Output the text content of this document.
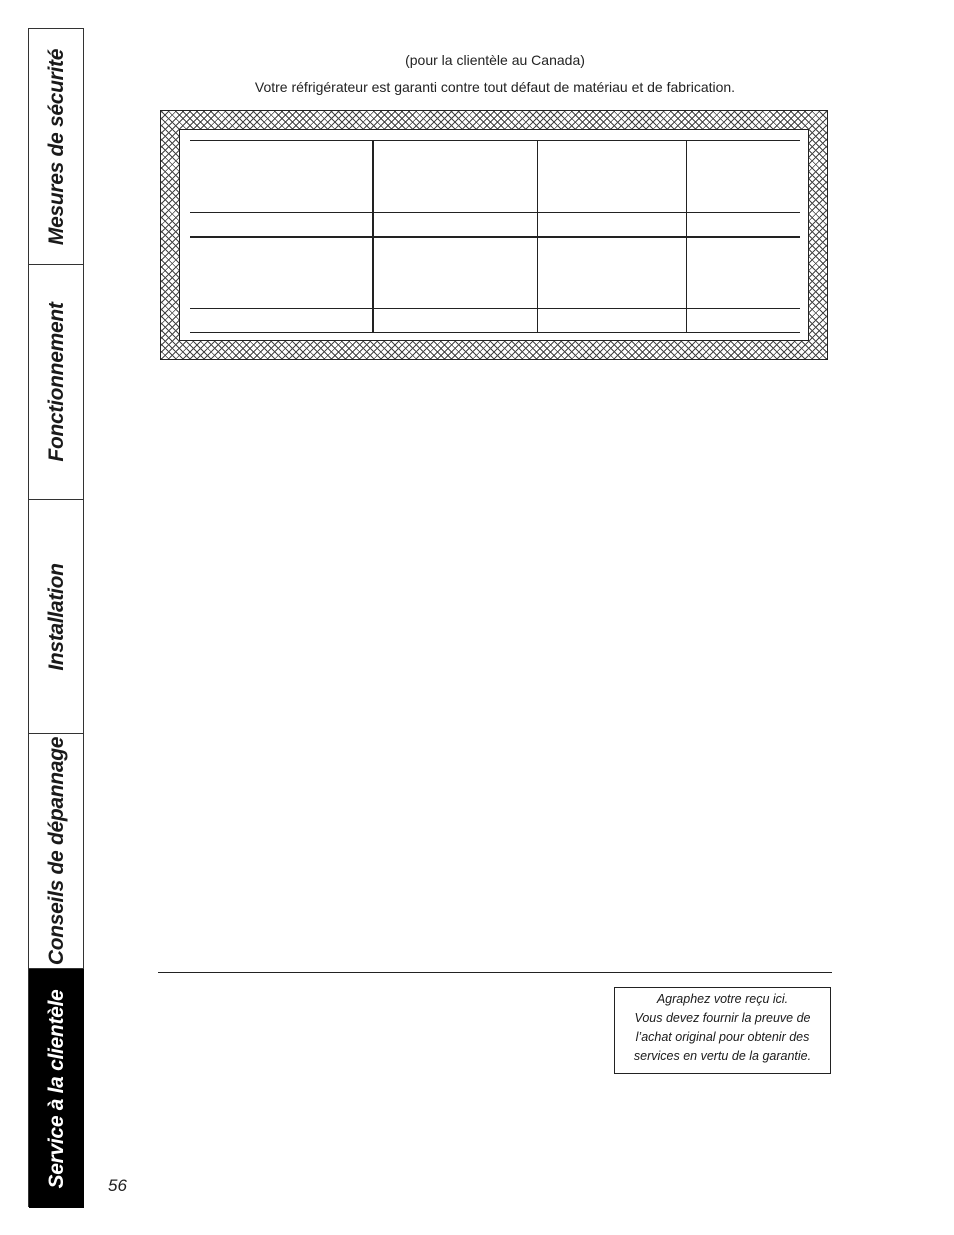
Mesures de sécurité
Fonctionnement
Installation
Conseils de dépannage
Service à la clientèle
(pour la clientèle au Canada)
Votre réfrigérateur est garanti contre tout défaut de matériau et de fabrication.
Agraphez votre reçu ici.
Vous devez fournir la preuve de
l’achat original pour obtenir des
services en vertu de la garantie.
56
